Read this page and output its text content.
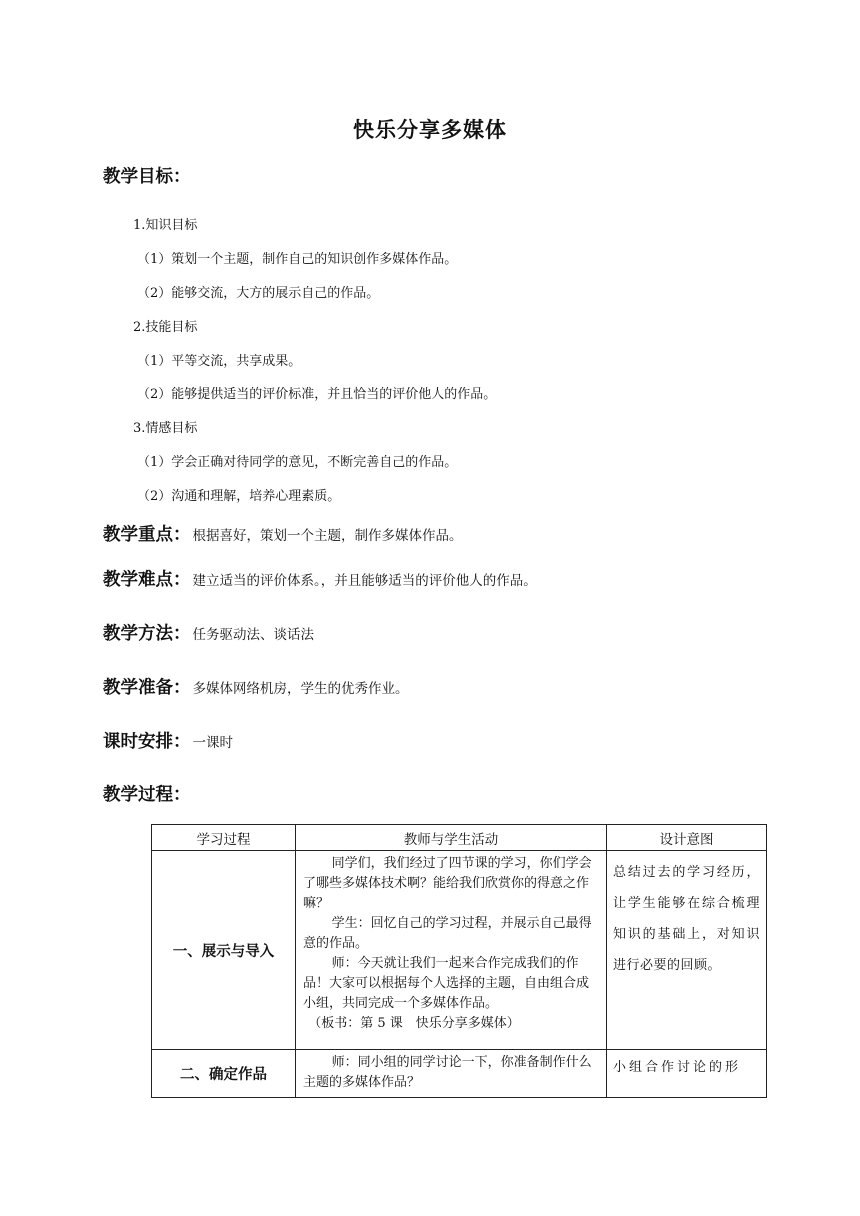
快乐分享多媒体
教学目标：
1.知识目标
（1）策划一个主题，制作自己的知识创作多媒体作品。
（2）能够交流，大方的展示自己的作品。
2.技能目标
（1）平等交流，共享成果。
（2）能够提供适当的评价标准，并且恰当的评价他人的作品。
3.情感目标
（1）学会正确对待同学的意见，不断完善自己的作品。
（2）沟通和理解，培养心理素质。
教学重点： 根据喜好，策划一个主题，制作多媒体作品。
教学难点： 建立适当的评价体系。，并且能够适当的评价他人的作品。
教学方法： 任务驱动法、谈话法
教学准备： 多媒体网络机房，学生的优秀作业。
课时安排： 一课时
教学过程：
学习过程	教师与学生活动	设计意图
一、展示与导入	同学们，我们经过了四节课的学习，你们学会了哪些多媒体技术啊？能给我们欣赏你的得意之作嘛？

学生：回忆自己的学习过程，并展示自己最得意的作品。

师：今天就让我们一起来合作完成我们的作品！大家可以根据每个人选择的主题，自由组合成小组，共同完成一个多媒体作品。

（板书：第 5 课　快乐分享多媒体）	总结过去的学习经历，让学生能够在综合梳理知识的基础上，对知识进行必要的回顾。
二、确定作品	师：同小组的同学讨论一下，你准备制作什么主题的多媒体作品？	小组合作讨论的形
